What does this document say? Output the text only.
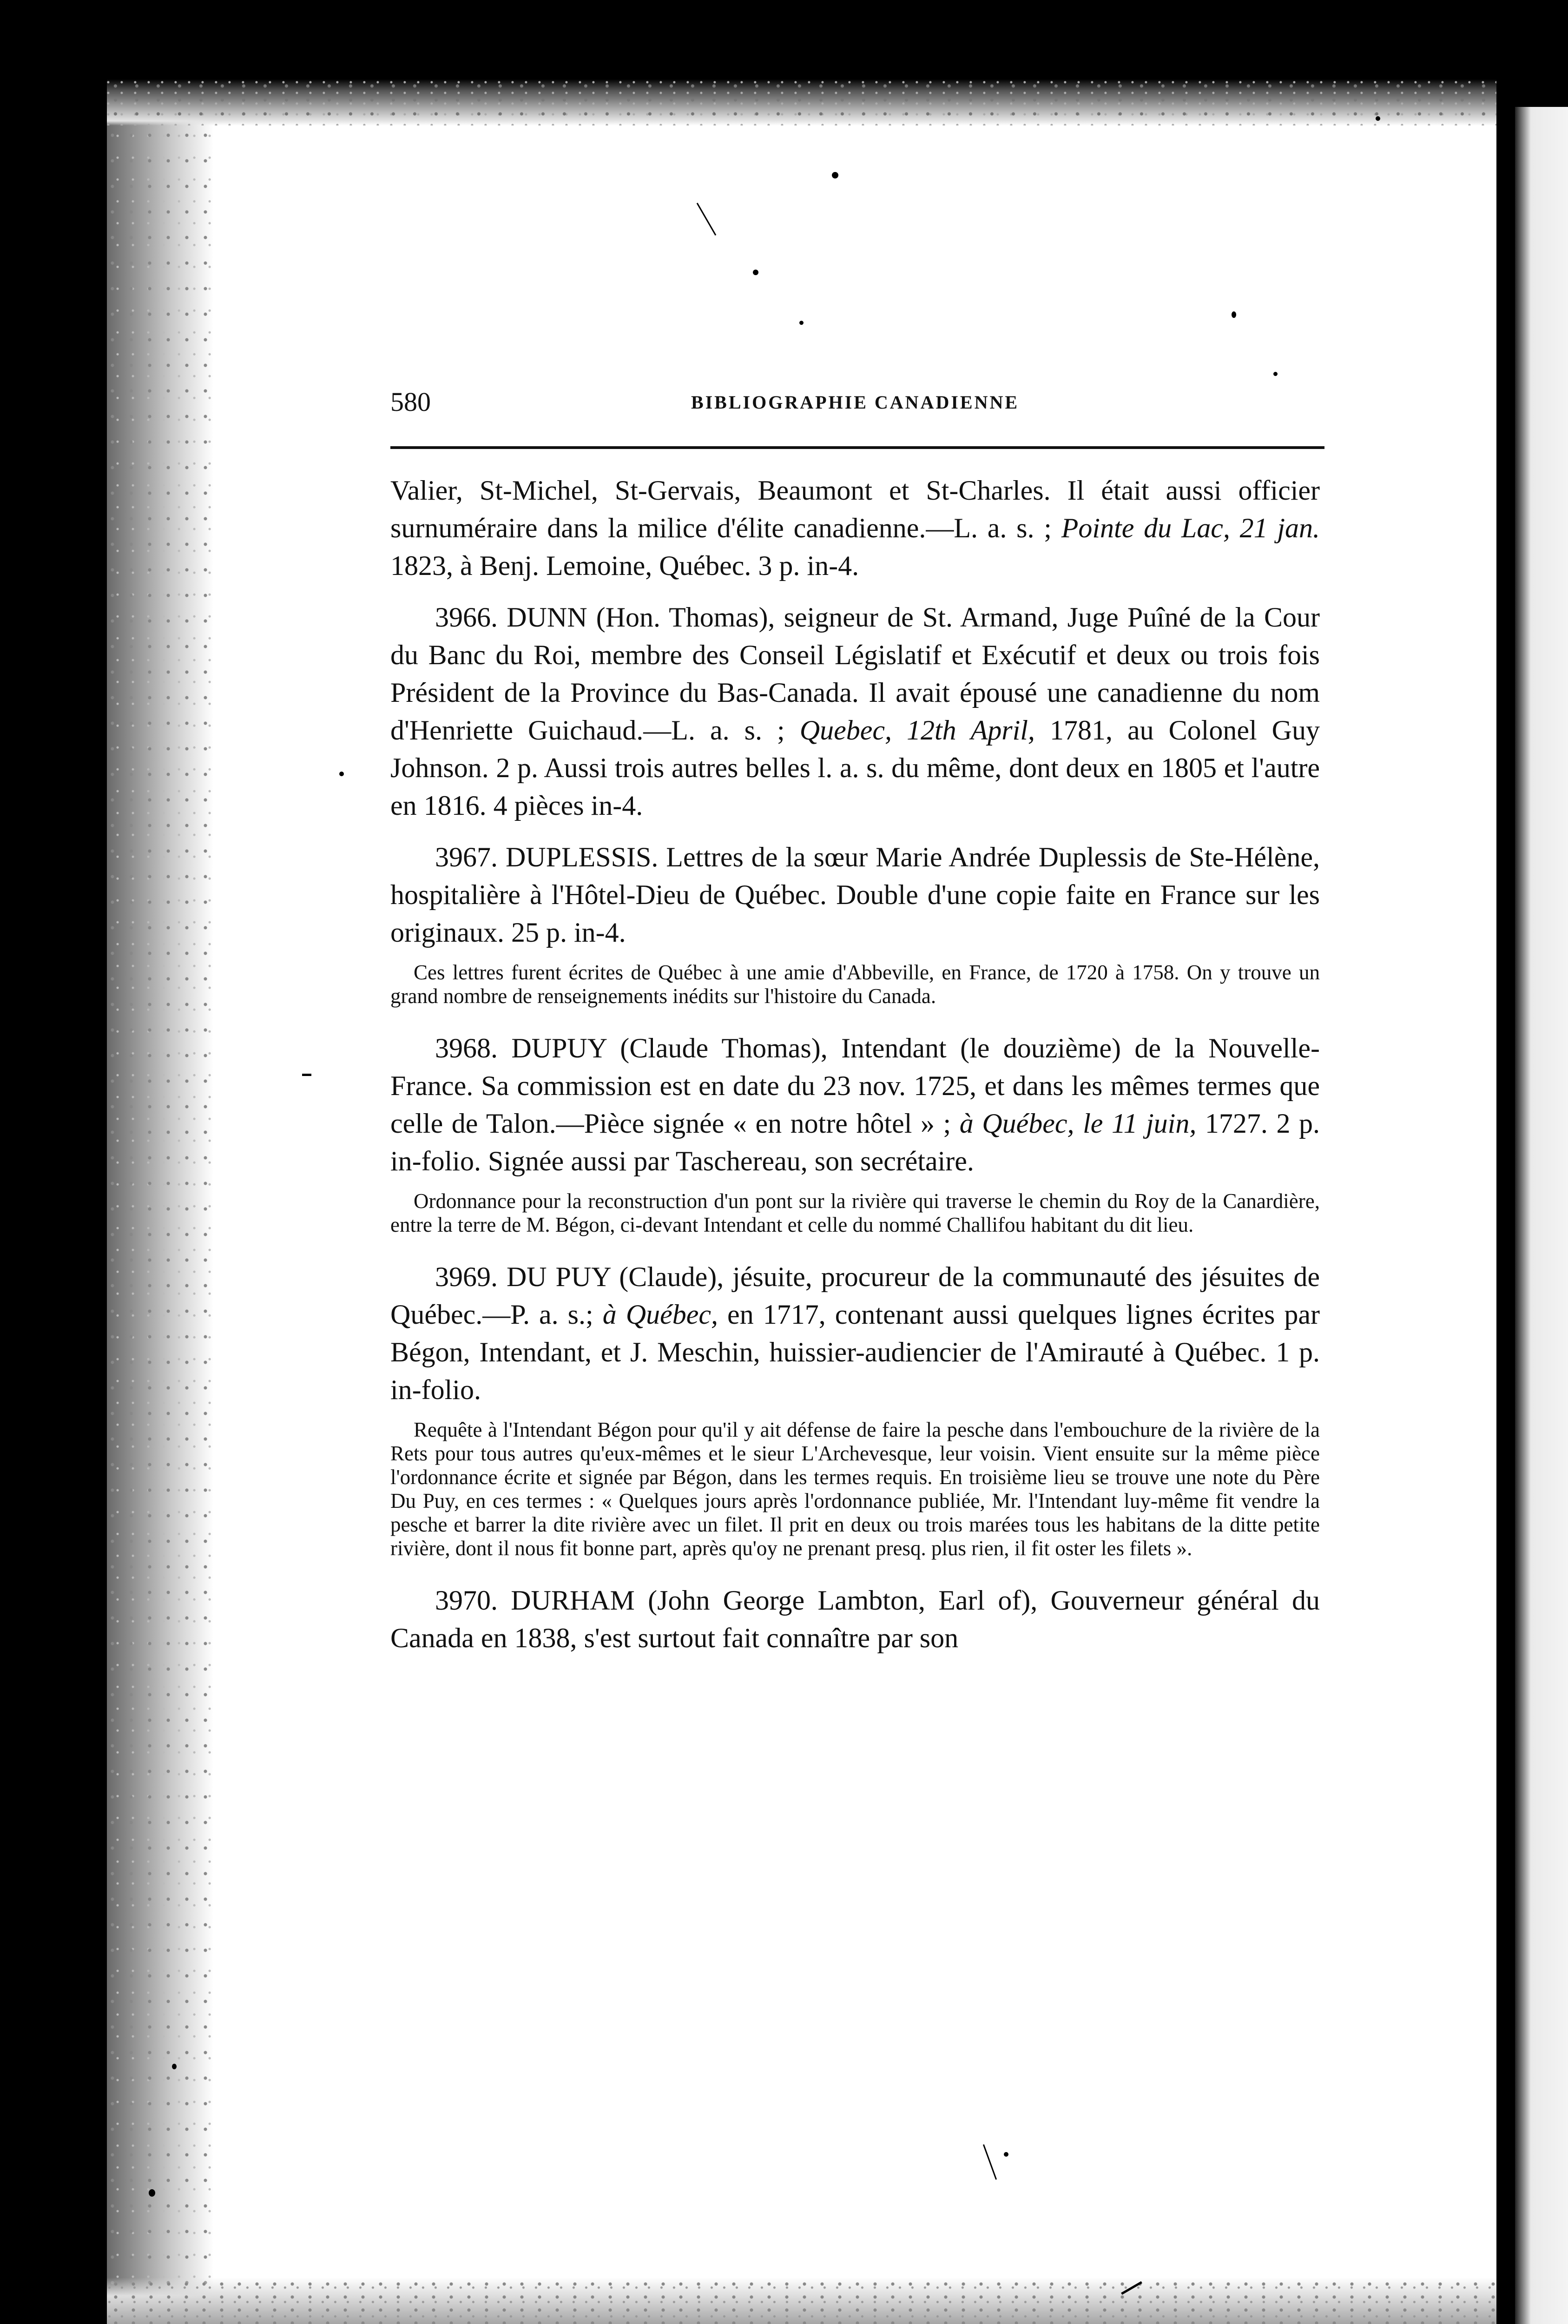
580	BIBLIOGRAPHIE CANADIENNE

Valier, St-Michel, St-Gervais, Beaumont et St-Charles. Il était aussi officier surnuméraire dans la milice d'élite canadienne.—L. a. s. ; Pointe du Lac, 21 jan. 1823, à Benj. Lemoine, Québec. 3 p. in-4.

3966. DUNN (Hon. Thomas), seigneur de St. Armand, Juge Puîné de la Cour du Banc du Roi, membre des Conseil Législatif et Exécutif et deux ou trois fois Président de la Province du Bas-Canada. Il avait épousé une canadienne du nom d'Henriette Guichaud.—L. a. s. ; Quebec, 12th April, 1781, au Colonel Guy Johnson. 2 p. Aussi trois autres belles l. a. s. du même, dont deux en 1805 et l'autre en 1816. 4 pièces in-4.

3967. DUPLESSIS. Lettres de la sœur Marie Andrée Duplessis de Ste-Hélène, hospitalière à l'Hôtel-Dieu de Québec. Double d'une copie faite en France sur les originaux. 25 p. in-4.

Ces lettres furent écrites de Québec à une amie d'Abbeville, en France, de 1720 à 1758. On y trouve un grand nombre de renseignements inédits sur l'histoire du Canada.

3968. DUPUY (Claude Thomas), Intendant (le douzième) de la Nouvelle-France. Sa commission est en date du 23 nov. 1725, et dans les mêmes termes que celle de Talon.—Pièce signée « en notre hôtel » ; à Québec, le 11 juin, 1727. 2 p. in-folio. Signée aussi par Taschereau, son secrétaire.

Ordonnance pour la reconstruction d'un pont sur la rivière qui traverse le chemin du Roy de la Canardière, entre la terre de M. Bégon, ci-devant Intendant et celle du nommé Challifou habitant du dit lieu.

3969. DU PUY (Claude), jésuite, procureur de la communauté des jésuites de Québec.—P. a. s.; à Québec, en 1717, contenant aussi quelques lignes écrites par Bégon, Intendant, et J. Meschin, huissier-audiencier de l'Amirauté à Québec. 1 p. in-folio.

Requête à l'Intendant Bégon pour qu'il y ait défense de faire la pesche dans l'embouchure de la rivière de la Rets pour tous autres qu'eux-mêmes et le sieur L'Archevesque, leur voisin. Vient ensuite sur la même pièce l'ordonnance écrite et signée par Bégon, dans les termes requis. En troisième lieu se trouve une note du Père Du Puy, en ces termes : « Quelques jours après l'ordonnance publiée, Mr. l'Intendant luy-même fit vendre la pesche et barrer la dite rivière avec un filet. Il prit en deux ou trois marées tous les habitans de la ditte petite rivière, dont il nous fit bonne part, après qu'oy ne prenant presq. plus rien, il fit oster les filets ».

3970. DURHAM (John George Lambton, Earl of), Gouverneur général du Canada en 1838, s'est surtout fait connaître par son
